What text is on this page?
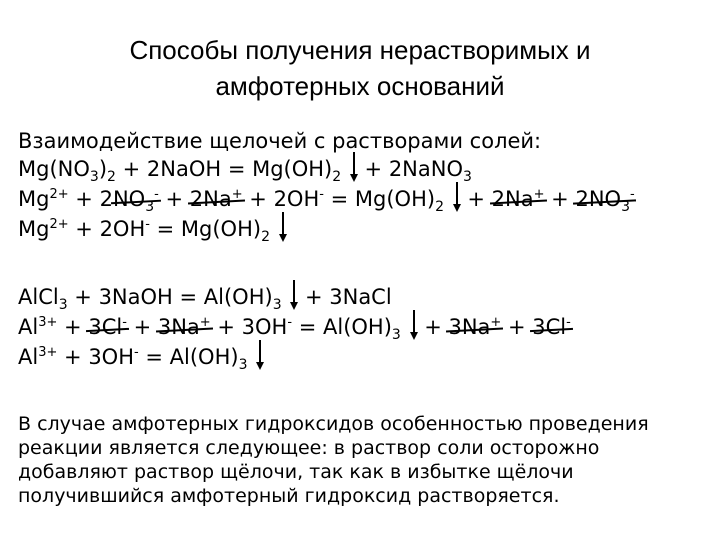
Способы получения нерастворимых и
амфотерных оснований
Взаимодействие щелочей с растворами солей:
$Mg(NO_3)_2$ + 2NaOH = $Mg(OH)_2$ + 2NaNO$_3$
$Mg^{2+} + 2NO_3^- + 2Na^+ + 2OH^- = Mg(OH)_2$
+ $2Na^+ + 2NO_3^-$
$Mg^{2+} + 2OH^- = Mg(OH)_2$
AlCl$_3$ + 3NaOH = $Al(OH)_3$
+ 3NaCl
$Al^{3+} + 3Cl^- + 3Na^+ + 3OH^- = Al(OH)_3$
+ 3Na+ + 3Cl-
$Al^{3+} + 3OH^- = Al(OH)_3$
В случае амфотерных гидроксидов особенностью проведения реакции является следующее: в раствор соли осторожно добавляют раствор щёлочи, так как в избытке щёлочи получившийся амфотерный гидроксид растворяется.
